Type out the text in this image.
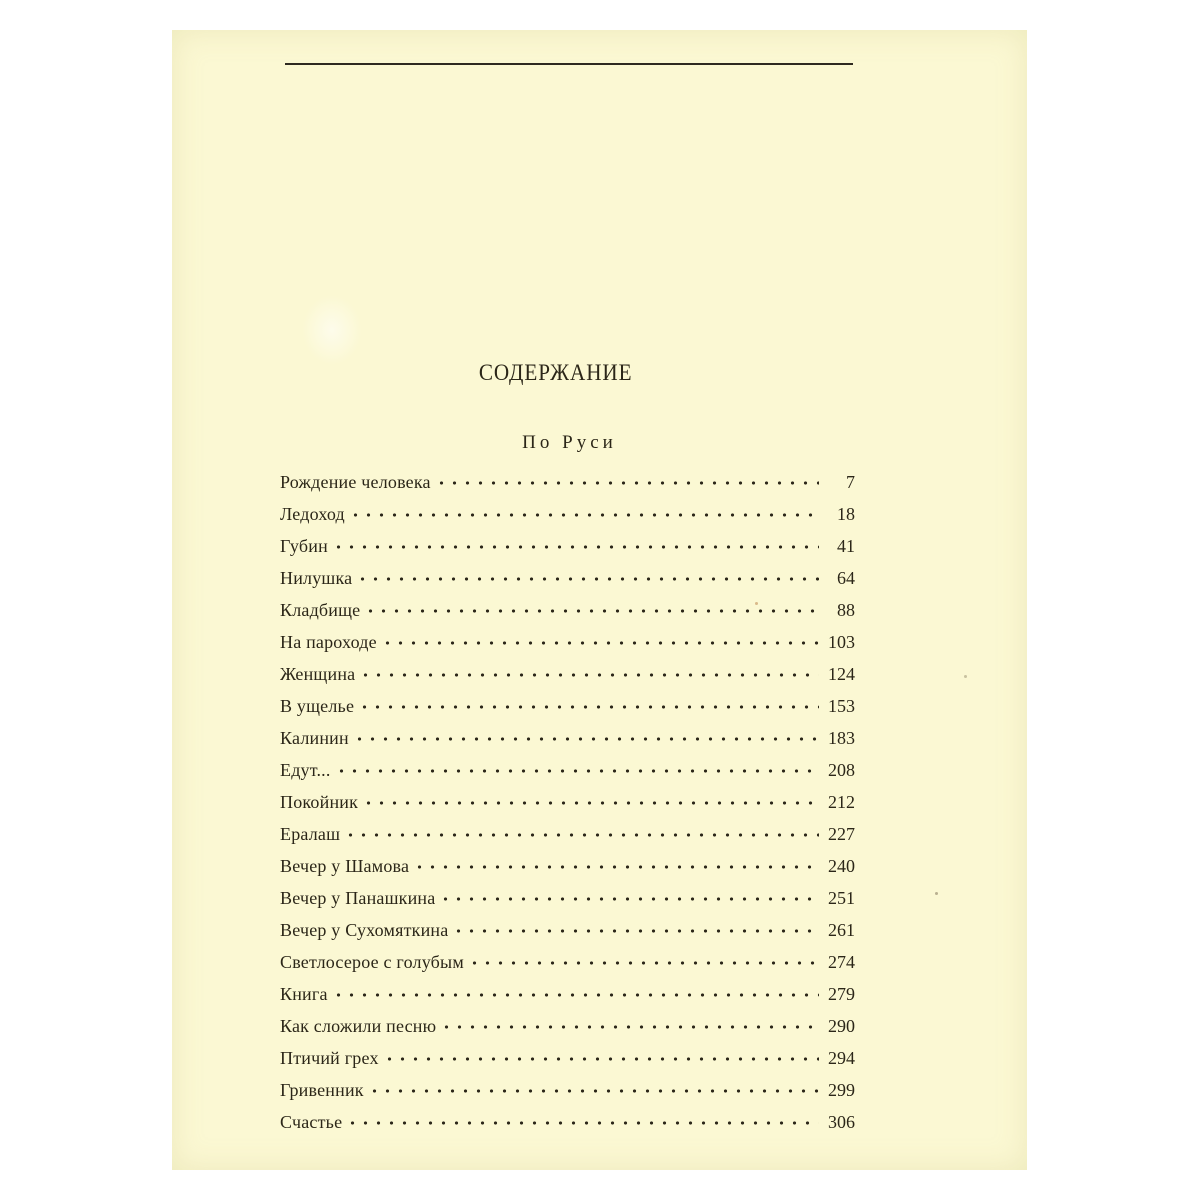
СОДЕРЖАНИЕ
По Руси
Рождение человека	7
Ледоход	18
Губин	41
Нилушка	64
Кладбище	88
На пароходе	103
Женщина	124
В ущелье	153
Калинин	183
Едут...	208
Покойник	212
Ералаш	227
Вечер у Шамова	240
Вечер у Панашкина	251
Вечер у Сухомяткина	261
Светлосерое с голубым	274
Книга	279
Как сложили песню	290
Птичий грех	294
Гривенник	299
Счастье	306
